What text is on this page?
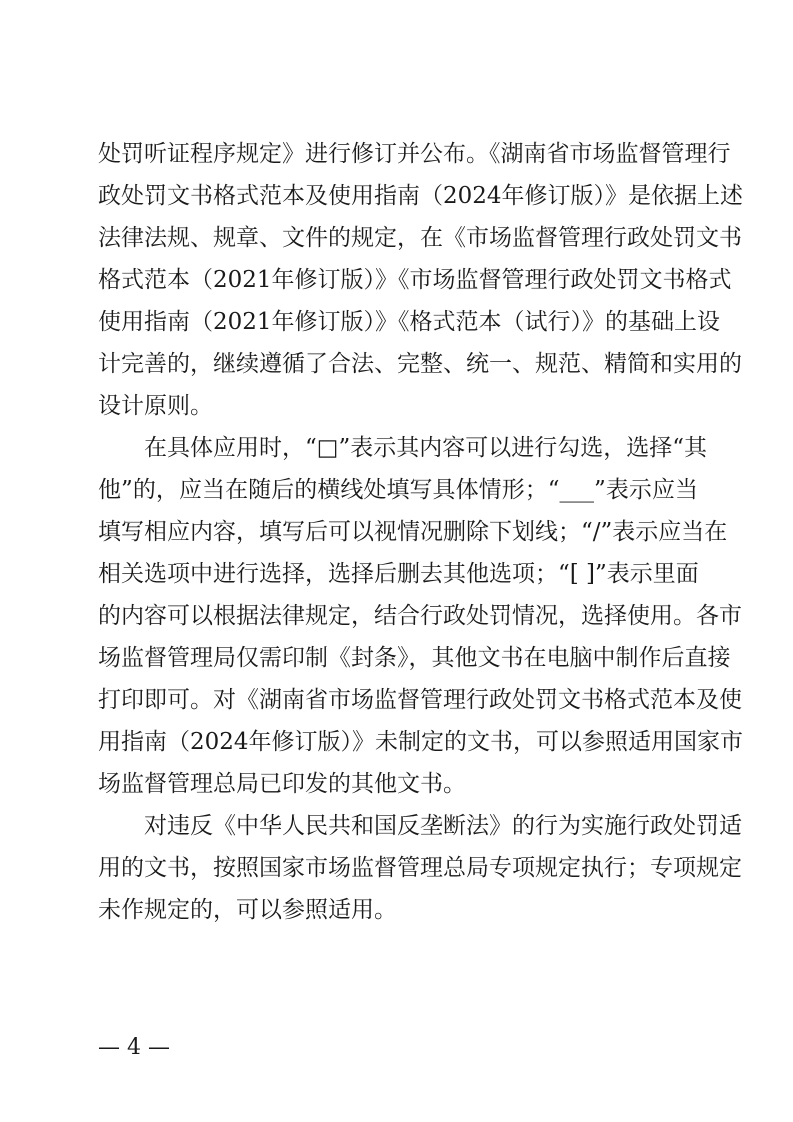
处罚听证程序规定》进行修订并公布。《湖南省市场监督管理行
政处罚文书格式范本及使用指南（2024年修订版）》是依据上述
法律法规、规章、文件的规定，在《市场监督管理行政处罚文书
格式范本（2021年修订版）》《市场监督管理行政处罚文书格式
使用指南（2021年修订版）》《格式范本（试行）》的基础上设
计完善的，继续遵循了合法、完整、统一、规范、精简和实用的
设计原则。
在具体应用时，“□”表示其内容可以进行勾选，选择“其
他”的，应当在随后的横线处填写具体情形；“___”表示应当
填写相应内容，填写后可以视情况删除下划线；“/”表示应当在
相关选项中进行选择，选择后删去其他选项；“[ ]”表示里面
的内容可以根据法律规定，结合行政处罚情况，选择使用。各市
场监督管理局仅需印制《封条》，其他文书在电脑中制作后直接
打印即可。对《湖南省市场监督管理行政处罚文书格式范本及使
用指南（2024年修订版）》未制定的文书，可以参照适用国家市
场监督管理总局已印发的其他文书。
对违反《中华人民共和国反垄断法》的行为实施行政处罚适
用的文书，按照国家市场监督管理总局专项规定执行；专项规定
未作规定的，可以参照适用。
— 4 —
